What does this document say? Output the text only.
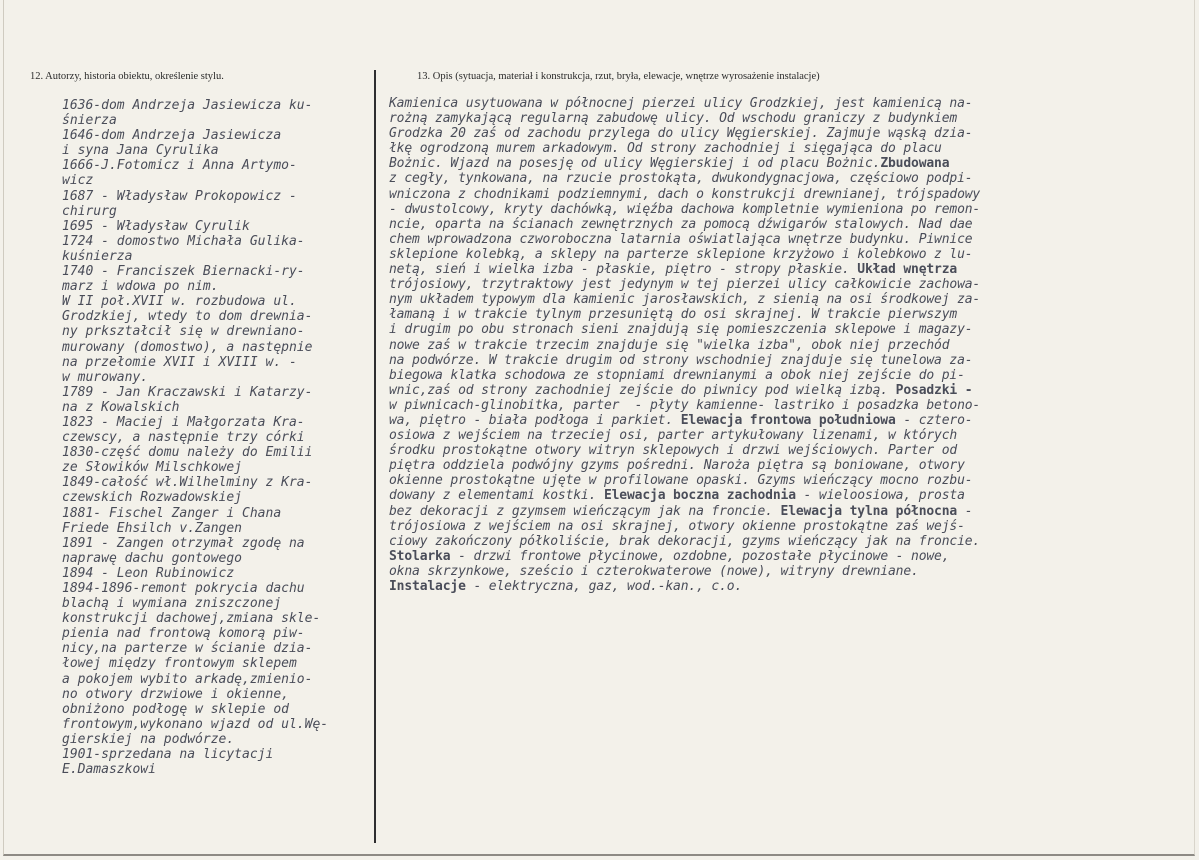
12. Autorzy, historia obiektu, określenie stylu.	13. Opis (sytuacja, materiał i konstrukcja, rzut, bryła, elewacje, wnętrze wyrosażenie instalacje)
1636-dom Andrzeja Jasiewicza ku-
śnierza
1646-dom Andrzeja Jasiewicza
i syna Jana Cyrulika
1666-J.Fotomicz i Anna Artymo-
wicz
1687 - Władysław Prokopowicz -
chirurg
1695 - Władysław Cyrulik
1724 - domostwo Michała Gulika-
kuśnierza
1740 - Franciszek Biernacki-ry-
marz i wdowa po nim.
W II poł.XVII w. rozbudowa ul.
Grodzkiej, wtedy to dom drewnia-
ny prkształcił się w drewniano-
murowany (domostwo), a następnie
na przełomie XVII i XVIII w. -
w murowany.
1789 - Jan Kraczawski i Katarzy-
na z Kowalskich
1823 - Maciej i Małgorzata Kra-
czewscy, a następnie trzy córki
1830-część domu należy do Emilii
ze Słowików Milschkowej
1849-całość wł.Wilhelminy z Kra-
czewskich Rozwadowskiej
1881- Fischel Zanger i Chana
Friede Ehsilch v.Zangen
1891 - Zangen otrzymał zgodę na
naprawę dachu gontowego
1894 - Leon Rubinowicz
1894-1896-remont pokrycia dachu
blachą i wymiana zniszczonej
konstrukcji dachowej,zmiana skle-
pienia nad frontową komorą piw-
nicy,na parterze w ścianie dzia-
łowej między frontowym sklepem
a pokojem wybito arkadę,zmienio-
no otwory drzwiowe i okienne,
obniżono podłogę w sklepie od
frontowym,wykonano wjazd od ul.Wę-
gierskiej na podwórze.
1901-sprzedana na licytacji
E.Damaszkowi
Kamienica usytuowana w północnej pierzei ulicy Grodzkiej, jest kamienicą na-
rożną zamykającą regularną zabudowę ulicy. Od wschodu graniczy z budynkiem
Grodzka 20 zaś od zachodu przylega do ulicy Węgierskiej. Zajmuje wąską dzia-
łkę ogrodzoną murem arkadowym. Od strony zachodniej i sięgająca do placu
Bożnic. Wjazd na posesję od ulicy Węgierskiej i od placu Bożnic.Zbudowana
z cegły, tynkowana, na rzucie prostokąta, dwukondygnacjowa, częściowo podpi-
wniczona z chodnikami podziemnymi, dach o konstrukcji drewnianej, trójspadowy
- dwustolcowy, kryty dachówką, więźba dachowa kompletnie wymieniona po remon-
ncie, oparta na ścianach zewnętrznych za pomocą dźwigarów stalowych. Nad dae
chem wprowadzona czworoboczna latarnia oświatlająca wnętrze budynku. Piwnice
sklepione kolebką, a sklepy na parterze sklepione krzyżowo i kolebkowo z lu-
netą, sień i wielka izba - płaskie, piętro - stropy płaskie. Układ wnętrza
trójosiowy, trzytraktowy jest jedynym w tej pierzei ulicy całkowicie zachowa-
nym układem typowym dla kamienic jarosławskich, z sienią na osi środkowej za-
łamaną i w trakcie tylnym przesuniętą do osi skrajnej. W trakcie pierwszym
i drugim po obu stronach sieni znajdują się pomieszczenia sklepowe i magazy-
nowe zaś w trakcie trzecim znajduje się "wielka izba", obok niej przechód
na podwórze. W trakcie drugim od strony wschodniej znajduje się tunelowa za-
biegowa klatka schodowa ze stopniami drewnianymi a obok niej zejście do pi-
wnic,zaś od strony zachodniej zejście do piwnicy pod wielką izbą. Posadzki -
w piwnicach-glinobitka, parter  - płyty kamienne- lastriko i posadzka betono-
wa, piętro - biała podłoga i parkiet. Elewacja frontowa południowa - cztero-
osiowa z wejściem na trzeciej osi, parter artykułowany lizenami, w których
środku prostokątne otwory witryn sklepowych i drzwi wejściowych. Parter od
piętra oddziela podwójny gzyms pośredni. Naroża piętra są boniowane, otwory
okienne prostokątne ujęte w profilowane opaski. Gzyms wieńczący mocno rozbu-
dowany z elementami kostki. Elewacja boczna zachodnia - wieloosiowa, prosta
bez dekoracji z gzymsem wieńczącym jak na froncie. Elewacja tylna północna -
trójosiowa z wejściem na osi skrajnej, otwory okienne prostokątne zaś wejś-
ciowy zakończony półkoliście, brak dekoracji, gzyms wieńczący jak na froncie.
Stolarka - drzwi frontowe płycinowe, ozdobne, pozostałe płycinowe - nowe,
okna skrzynkowe, sześcio i czterokwaterowe (nowe), witryny drewniane.
Instalacje - elektryczna, gaz, wod.-kan., c.o.
